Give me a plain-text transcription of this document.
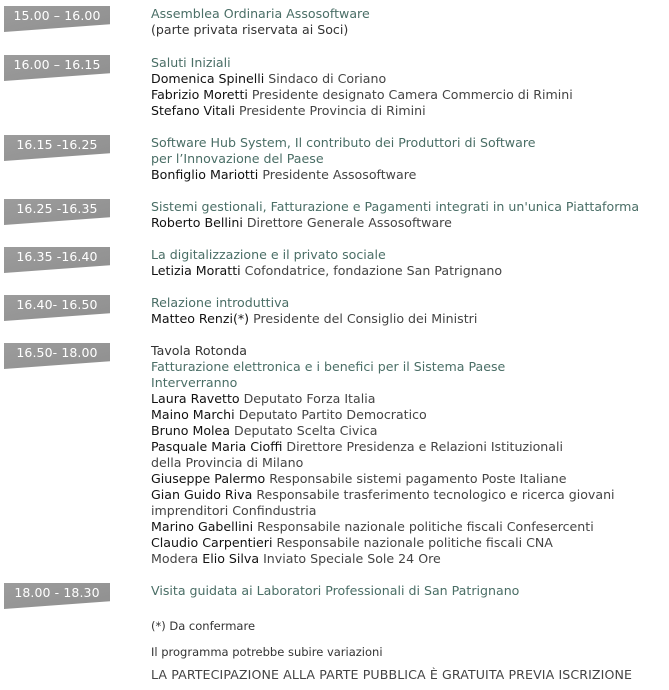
15.00 – 16.00	Assemblea Ordinaria Assosoftware
(parte privata riservata ai Soci)
16.00 – 16.15	Saluti Iniziali
Domenica Spinelli Sindaco di Coriano
Fabrizio Moretti Presidente designato Camera Commercio di Rimini
Stefano Vitali Presidente Provincia di Rimini
16.15 -16.25	Software Hub System, Il contributo dei Produttori di Software
per l’Innovazione del Paese
Bonfiglio Mariotti Presidente Assosoftware
16.25 -16.35	Sistemi gestionali, Fatturazione e Pagamenti integrati in un'unica Piattaforma
Roberto Bellini Direttore Generale Assosoftware
16.35 -16.40	La digitalizzazione e il privato sociale
Letizia Moratti Cofondatrice, fondazione San Patrignano
16.40- 16.50	Relazione introduttiva
Matteo Renzi(*) Presidente del Consiglio dei Ministri
16.50- 18.00	Tavola Rotonda
Fatturazione elettronica e i benefici per il Sistema Paese
Interverranno
Laura Ravetto Deputato Forza Italia
Maino Marchi Deputato Partito Democratico
Bruno Molea Deputato Scelta Civica
Pasquale Maria Cioffi Direttore Presidenza e Relazioni Istituzionali
della Provincia di Milano
Giuseppe Palermo Responsabile sistemi pagamento Poste Italiane
Gian Guido Riva Responsabile trasferimento tecnologico e ricerca giovani
imprenditori Confindustria
Marino Gabellini Responsabile nazionale politiche fiscali Confesercenti
Claudio Carpentieri Responsabile nazionale politiche fiscali CNA
Modera Elio Silva Inviato Speciale Sole 24 Ore
18.00 - 18.30	Visita guidata ai Laboratori Professionali di San Patrignano
(*) Da confermare
Il programma potrebbe subire variazioni
LA PARTECIPAZIONE ALLA PARTE PUBBLICA È GRATUITA PREVIA ISCRIZIONE
